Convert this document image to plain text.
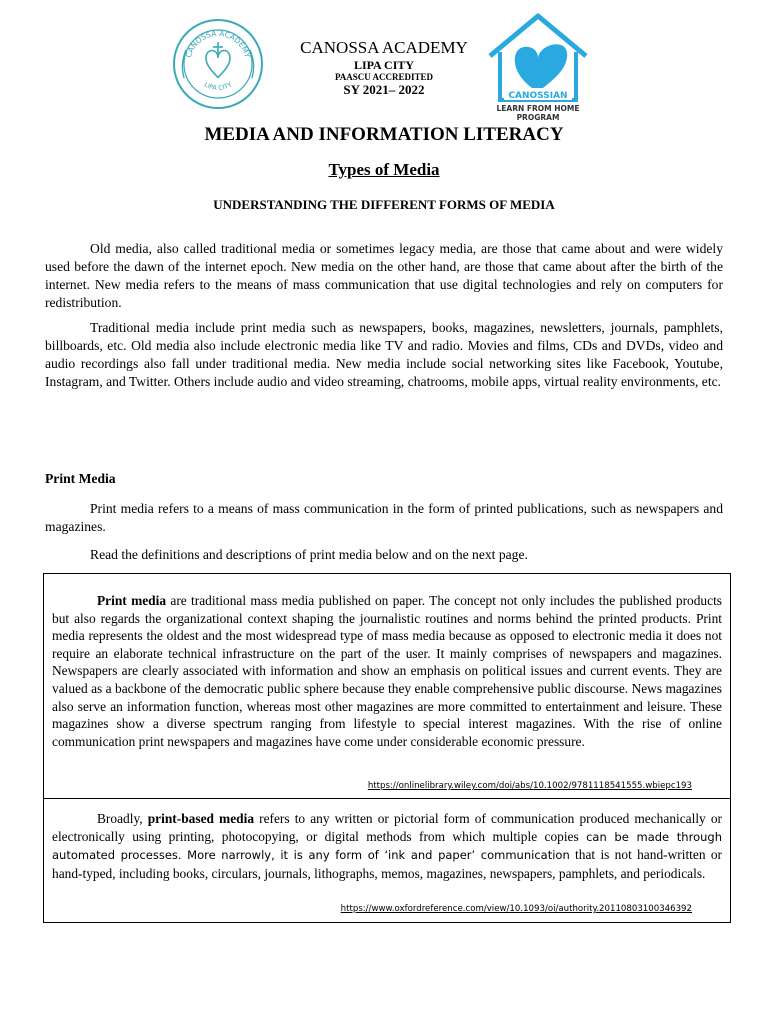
CANOSSA ACADEMY
LIPA CITY
CANOSSIAN
LEARN FROM HOME
PROGRAM
CANOSSA ACADEMY
LIPA CITY
PAASCU ACCREDITED
SY 2021– 2022
MEDIA AND INFORMATION LITERACY
Types of Media
UNDERSTANDING THE DIFFERENT FORMS OF MEDIA

Old media, also called traditional media or sometimes legacy media, are those that came about and were widely used before the dawn of the internet epoch. New media on the other hand, are those that came about after the birth of the internet. New media refers to the means of mass communication that use digital technologies and rely on computers for redistribution.

Traditional media include print media such as newspapers, books, magazines, newsletters, journals, pamphlets, billboards, etc. Old media also include electronic media like TV and radio. Movies and films, CDs and DVDs, video and audio recordings also fall under traditional media. New media include social networking sites like Facebook, Youtube, Instagram, and Twitter. Others include audio and video streaming, chatrooms, mobile apps, virtual reality environments, etc.

Print Media

Print media refers to a means of mass communication in the form of printed publications, such as newspapers and magazines.

Read the definitions and descriptions of print media below and on the next page.

Print media are traditional mass media published on paper. The concept not only includes the published products but also regards the organizational context shaping the journalistic routines and norms behind the printed products. Print media represents the oldest and the most widespread type of mass media because as opposed to electronic media it does not require an elaborate technical infrastructure on the part of the user. It mainly comprises of newspapers and magazines. Newspapers are clearly associated with information and show an emphasis on political issues and current events. They are valued as a backbone of the democratic public sphere because they enable comprehensive public discourse. News magazines also serve an information function, whereas most other magazines are more committed to entertainment and leisure. These magazines show a diverse spectrum ranging from lifestyle to special interest magazines. With the rise of online communication print newspapers and magazines have come under considerable economic pressure.

https://onlinelibrary.wiley.com/doi/abs/10.1002/9781118541555.wbiepc193

Broadly, print-based media refers to any written or pictorial form of communication produced mechanically or electronically using printing, photocopying, or digital methods from which multiple copies can be made through automated processes. More narrowly, it is any form of ‘ink and paper’ communication that is not hand-written or hand-typed, including books, circulars, journals, lithographs, memos, magazines, newspapers, pamphlets, and periodicals.

https://www.oxfordreference.com/view/10.1093/oi/authority.20110803100346392
